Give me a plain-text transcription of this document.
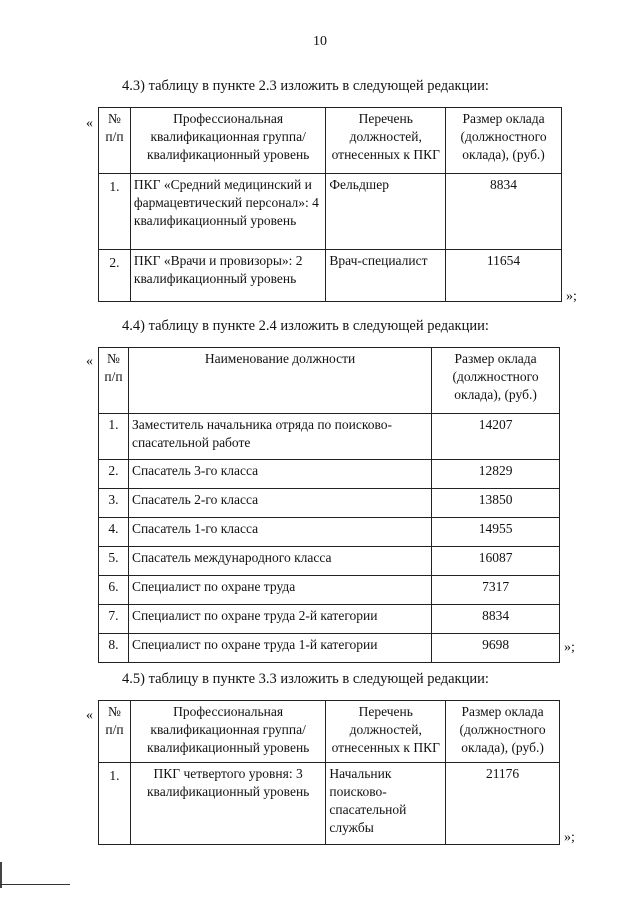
10
4.3) таблицу в пункте 2.3 изложить в следующей редакции:
« № п/п	Профессиональная квалификационная группа/ квалификационный уровень	Перечень должностей, отнесенных к ПКГ	Размер оклада (должностного оклада), (руб.)
1.	ПКГ «Средний медицинский и фармацевтический персонал»: 4 квалификационный уровень	Фельдшер	8834
2.	ПКГ «Врачи и провизоры»: 2 квалификационный уровень	Врач-специалист	11654
»;
4.4) таблицу в пункте 2.4 изложить в следующей редакции:
« № п/п	Наименование должности	Размер оклада (должностного оклада), (руб.)
1.	Заместитель начальника отряда по поисково-спасательной работе	14207
2.	Спасатель 3-го класса	12829
3.	Спасатель 2-го класса	13850
4.	Спасатель 1-го класса	14955
5.	Спасатель международного класса	16087
6.	Специалист по охране труда	7317
7.	Специалист по охране труда 2-й категории	8834
8.	Специалист по охране труда 1-й категории	9698	»;
4.5) таблицу в пункте 3.3 изложить в следующей редакции:
« № п/п	Профессиональная квалификационная группа/ квалификационный уровень	Перечень должностей, отнесенных к ПКГ	Размер оклада (должностного оклада), (руб.)
1.	ПКГ четвертого уровня: 3 квалификационный уровень	Начальник поисково-спасательной службы	21176
»;
